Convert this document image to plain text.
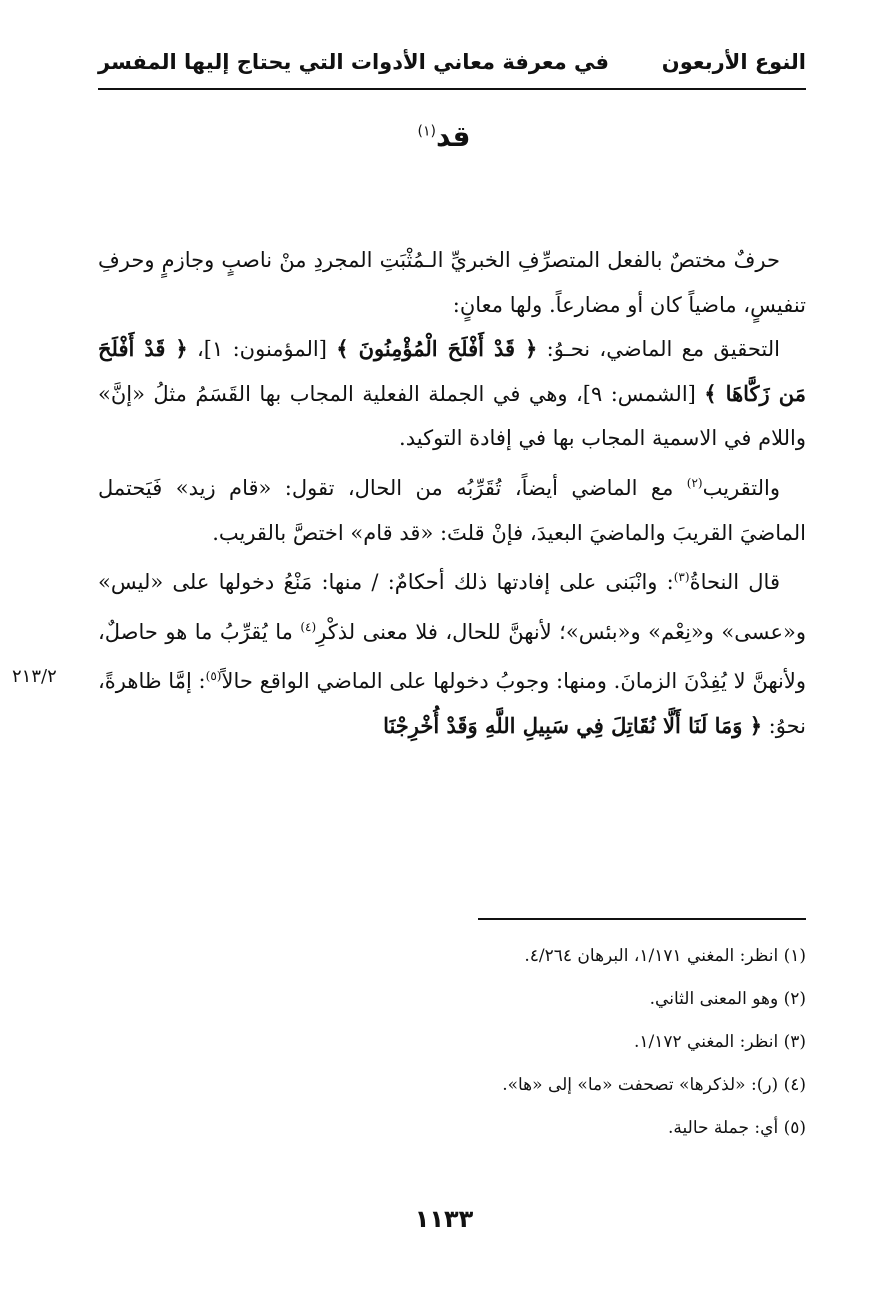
النوع الأربعون
في معرفة معاني الأدوات التي يحتاج إليها المفسر
قد$^{(١)}$

حرفٌ مختصٌ بالفعل المتصرِّفِ الخبريِّ الـمُثْبَتِ المجردِ منْ ناصبٍ وجازمٍ وحرفِ تنفيسٍ، ماضياً كان أو مضارعاً. ولها معانٍ:

التحقيق مع الماضي، نحـوُ: ﴿ قَدْ أَفْلَحَ الْمُؤْمِنُونَ ﴾ [المؤمنون: ١]، ﴿ قَدْ أَفْلَحَ مَن زَكَّاهَا ﴾ [الشمس: ٩]، وهي في الجملة الفعلية المجاب بها القَسَمُ مثلُ «إنَّ» واللام في الاسمية المجاب بها في إفادة التوكيد.

والتقريب$^{(٢)}$ مع الماضي أيضاً، تُقَرِّبُه من الحال، تقول: «قام زيد» فَيَحتمل الماضيَ القريبَ والماضيَ البعيدَ، فإنْ قلتَ: «قد قام» اختصَّ بالقريب.

قال النحاةُ$^{(٣)}$: وانْبَنى على إفادتها ذلك أحكامٌ: / منها: مَنْعُ دخولها على «ليس» و«عسى» و«نِعْم» و«بئس»؛ لأنهنَّ للحال، فلا معنى لذكْرِ$^{(٤)}$ ما يُقرِّبُ ما هو حاصلٌ، ولأنهنَّ لا يُفِدْنَ الزمانَ. ومنها: وجوبُ دخولها على الماضي الواقع حالاً$^{(٥)}$: إمَّا ظاهرةً، نحوُ: ﴿ وَمَا لَنَا أَلَّا نُقَاتِلَ فِي سَبِيلِ اللَّهِ وَقَدْ أُخْرِجْنَا

٢١٣/٢
(١) انظر: المغني ١/١٧١، البرهان ٤/٢٦٤.
(٢) وهو المعنى الثاني.
(٣) انظر: المغني ١/١٧٢.
(٤) (ر): «لذكرها» تصحفت «ما» إلى «ها».
(٥) أي: جملة حالية.
١١٣٣
